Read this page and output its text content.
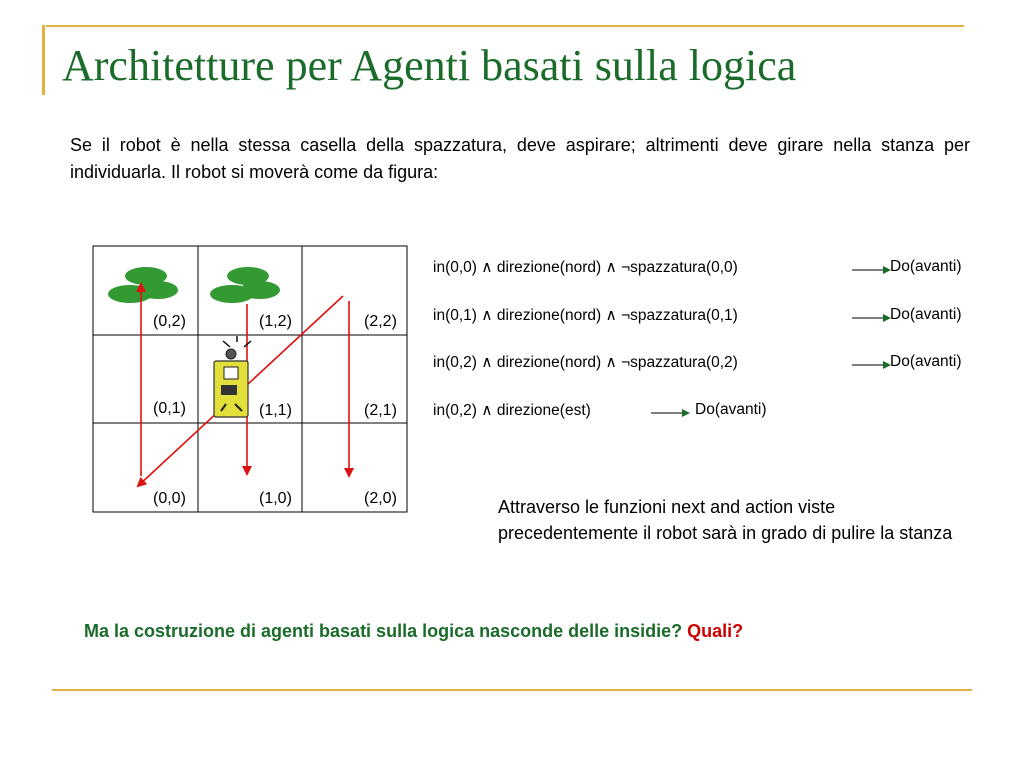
Architetture per Agenti basati sulla logica

Se il robot è nella stessa casella della spazzatura, deve aspirare; altrimenti deve girare nella stanza per individuarla. Il robot si moverà come da figura:

(0,2)	(1,2)	(2,2)
(0,1)	(1,1)	(2,1)
(0,0)	(1,0)	(2,0)
in(0,0) ∧ direzione(nord) ∧ ¬spazzatura(0,0)	Do(avanti)
in(0,1) ∧ direzione(nord) ∧ ¬spazzatura(0,1)	Do(avanti)
in(0,2) ∧ direzione(nord) ∧ ¬spazzatura(0,2)	Do(avanti)
in(0,2) ∧ direzione(est)	Do(avanti)

Attraverso le funzioni next and action viste precedentemente il robot sarà in grado di pulire la stanza

Ma la costruzione di agenti basati sulla logica nasconde delle insidie? Quali?
